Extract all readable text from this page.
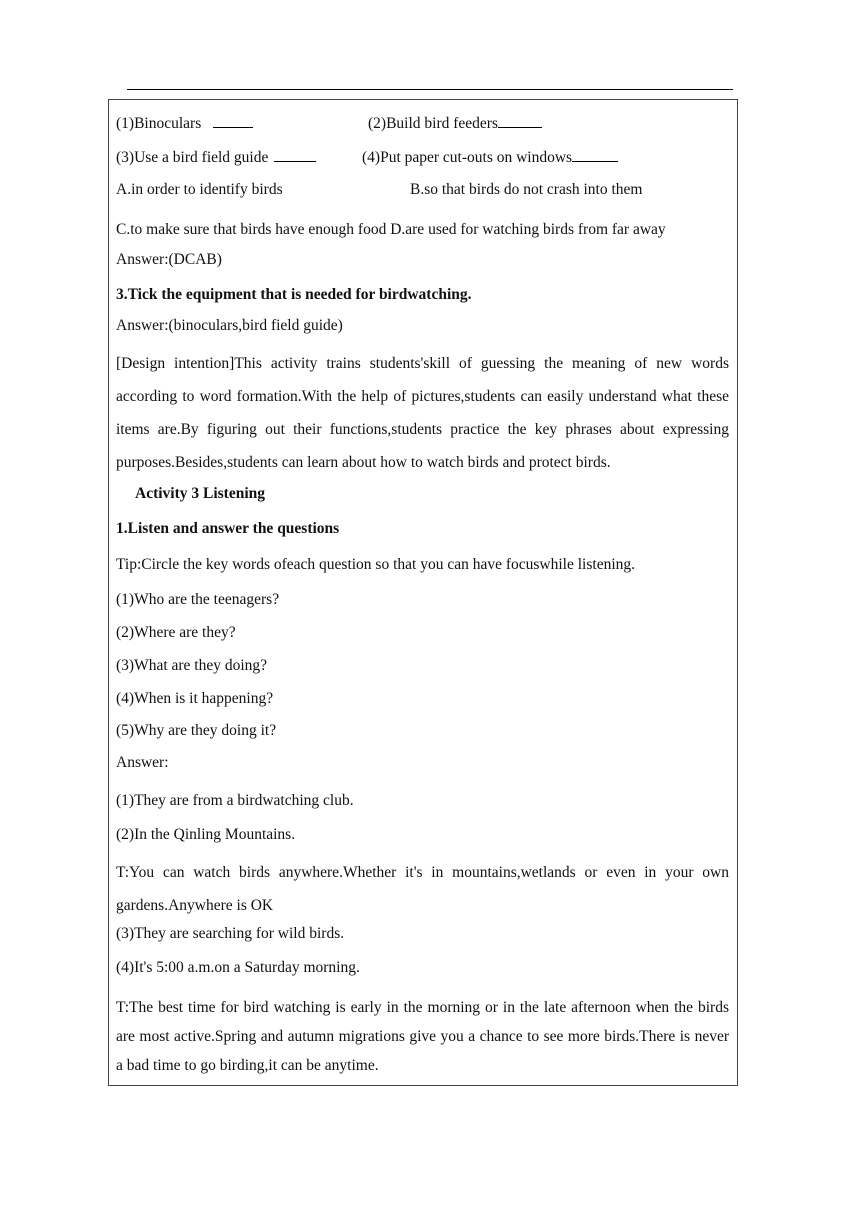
(1)Binoculars	(2)Build bird feeders
(3)Use a bird field guide	(4)Put paper cut-outs on windows
A.in order to identify birds	B.so that birds do not crash into them
C.to make sure that birds have enough food D.are used for watching birds from far away
Answer:(DCAB)
3.Tick the equipment that is needed for birdwatching.
Answer:(binoculars,bird field guide)
[Design intention]This activity trains students'skill of guessing the meaning of new words according to word formation.With the help of pictures,students can easily understand what these items are.By figuring out their functions,students practice the key phrases about expressing purposes.Besides,students can learn about how to watch birds and protect birds.
Activity 3 Listening
1.Listen and answer the questions
Tip:Circle the key words ofeach question so that you can have focuswhile listening.
(1)Who are the teenagers?
(2)Where are they?
(3)What are they doing?
(4)When is it happening?
(5)Why are they doing it?
Answer:
(1)They are from a birdwatching club.
(2)In the Qinling Mountains.
T:You can watch birds anywhere.Whether it's in mountains,wetlands or even in your own gardens.Anywhere is OK
(3)They are searching for wild birds.
(4)It's 5:00 a.m.on a Saturday morning.
T:The best time for bird watching is early in the morning or in the late afternoon when the birds are most active.Spring and autumn migrations give you a chance to see more birds.There is never a bad time to go birding,it can be anytime.
